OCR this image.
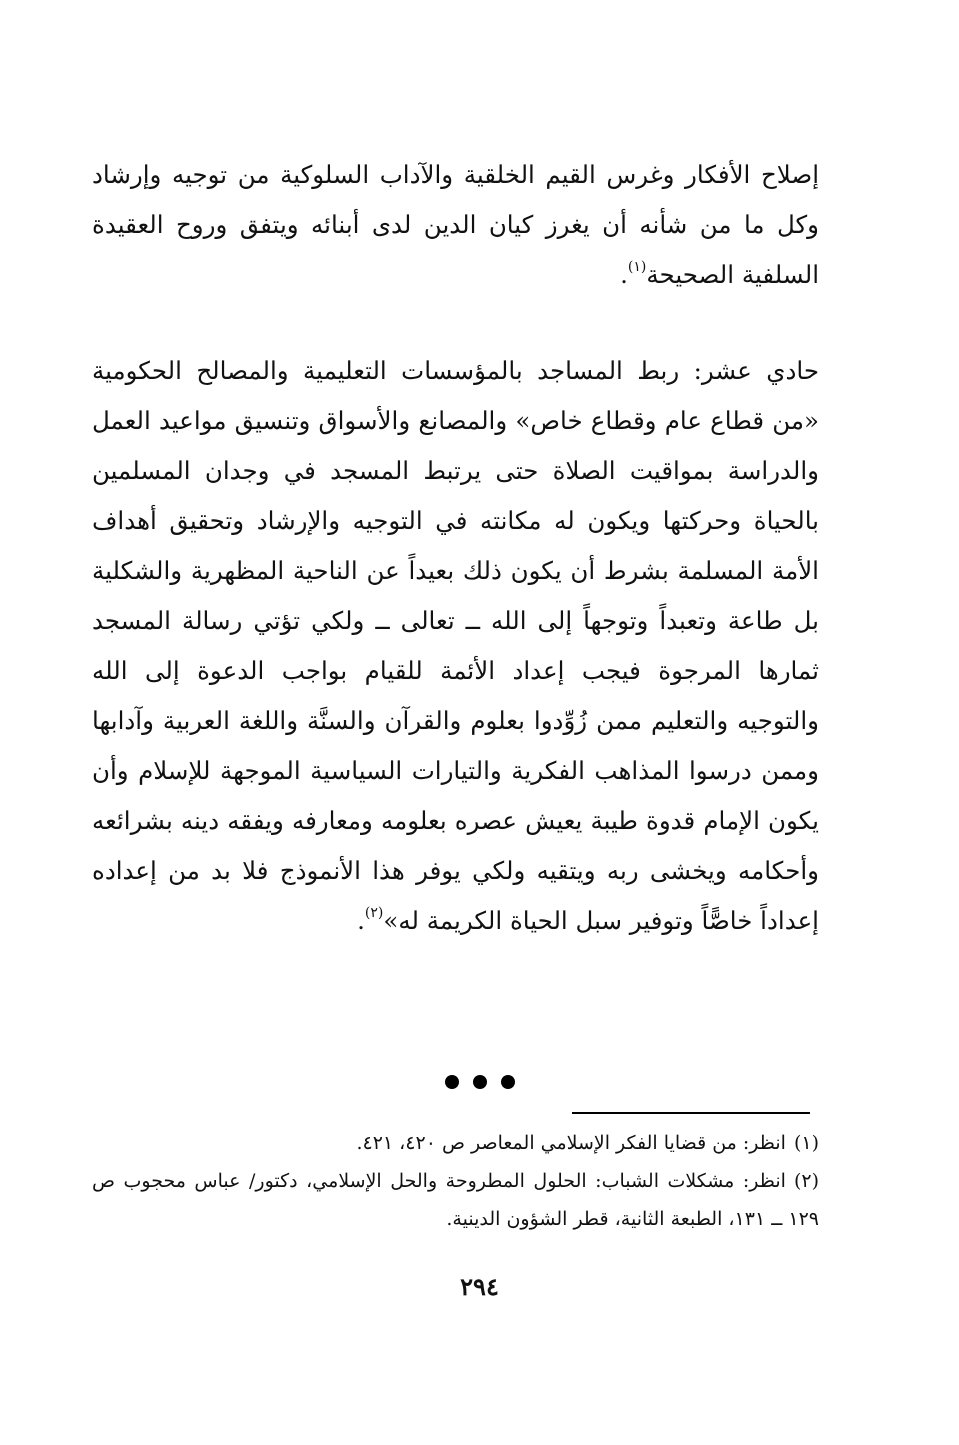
إصلاح الأفكار وغرس القيم الخلقية والآداب السلوكية من توجيه وإرشاد وكل ما من شأنه أن يغرز كيان الدين لدى أبنائه ويتفق وروح العقيدة السلفية الصحيحة$^{(١)}$.

حادي عشر: ربط المساجد بالمؤسسات التعليمية والمصالح الحكومية «من قطاع عام وقطاع خاص» والمصانع والأسواق وتنسيق مواعيد العمل والدراسة بمواقيت الصلاة حتى يرتبط المسجد في وجدان المسلمين بالحياة وحركتها ويكون له مكانته في التوجيه والإرشاد وتحقيق أهداف الأمة المسلمة بشرط أن يكون ذلك بعيداً عن الناحية المظهرية والشكلية بل طاعة وتعبداً وتوجهاً إلى الله ــ تعالى ــ ولكي تؤتي رسالة المسجد ثمارها المرجوة فيجب إعداد الأئمة للقيام بواجب الدعوة إلى الله والتوجيه والتعليم ممن زُوِّدوا بعلوم والقرآن والسنَّة واللغة العربية وآدابها وممن درسوا المذاهب الفكرية والتيارات السياسية الموجهة للإسلام وأن يكون الإمام قدوة طيبة يعيش عصره بعلومه ومعارفه ويفقه دينه بشرائعه وأحكامه ويخشى ربه ويتقيه ولكي يوفر هذا الأنموذج فلا بد من إعداده إعداداً خاصًّاً وتوفير سبل الحياة الكريمة له»$^{(٢)}$.

(١)انظر: من قضايا الفكر الإسلامي المعاصر ص ٤٢٠، ٤٢١.

(٢)انظر: مشكلات الشباب: الحلول المطروحة والحل الإسلامي، دكتور/ عباس محجوب ص ١٢٩ ــ ١٣١، الطبعة الثانية، قطر الشؤون الدينية.

٢٩٤
